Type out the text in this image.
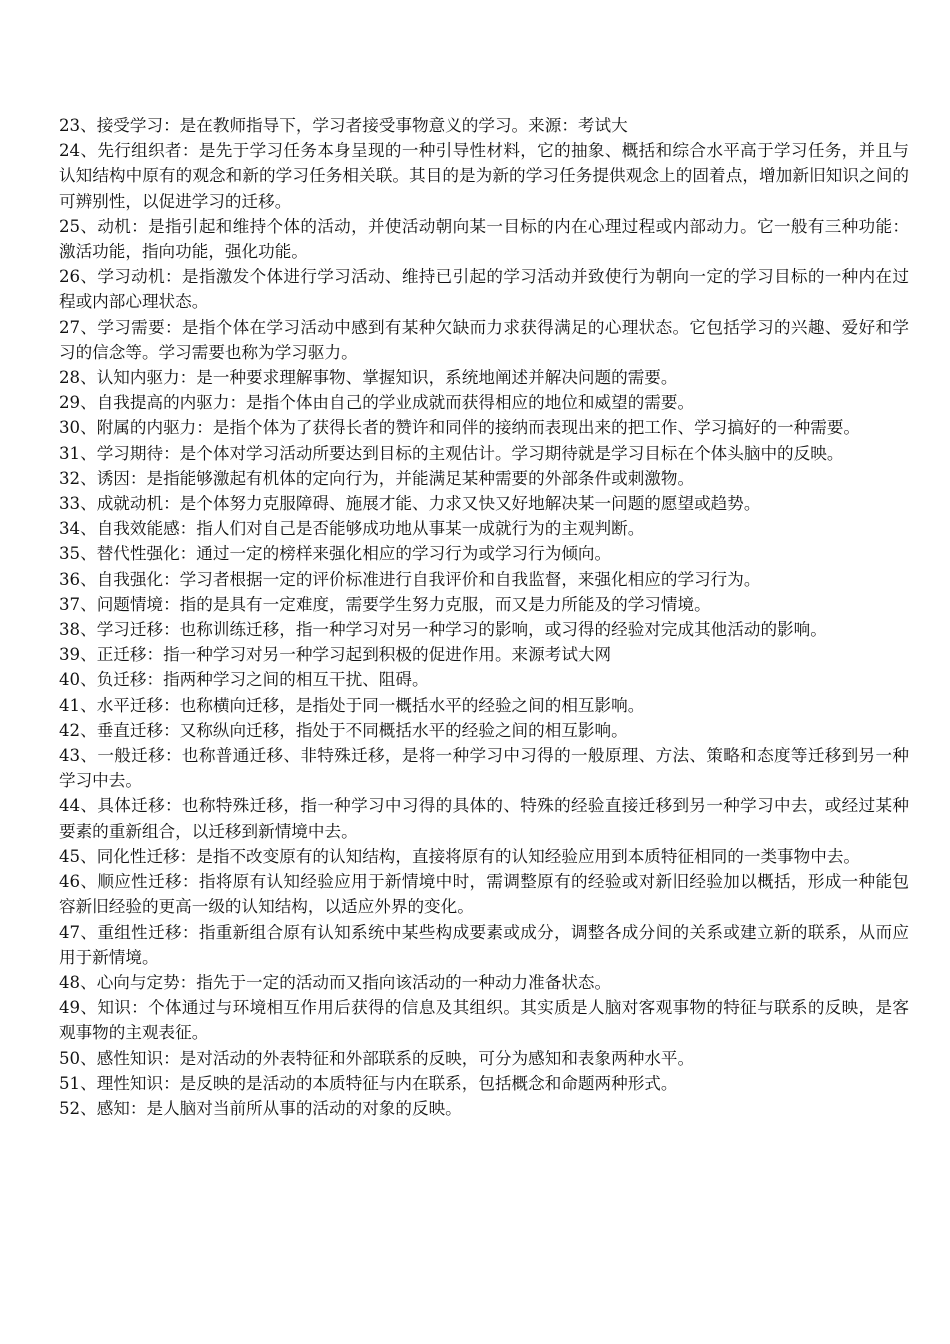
23、接受学习：是在教师指导下，学习者接受事物意义的学习。来源：考试大

24、先行组织者：是先于学习任务本身呈现的一种引导性材料，它的抽象、概括和综合水平高于学习任务，并且与认知结构中原有的观念和新的学习任务相关联。其目的是为新的学习任务提供观念上的固着点，增加新旧知识之间的可辨别性，以促进学习的迁移。

25、动机：是指引起和维持个体的活动，并使活动朝向某一目标的内在心理过程或内部动力。它一般有三种功能：激活功能，指向功能，强化功能。

26、学习动机：是指激发个体进行学习活动、维持已引起的学习活动并致使行为朝向一定的学习目标的一种内在过程或内部心理状态。

27、学习需要：是指个体在学习活动中感到有某种欠缺而力求获得满足的心理状态。它包括学习的兴趣、爱好和学习的信念等。学习需要也称为学习驱力。

28、认知内驱力：是一种要求理解事物、掌握知识，系统地阐述并解决问题的需要。

29、自我提高的内驱力：是指个体由自己的学业成就而获得相应的地位和威望的需要。

30、附属的内驱力：是指个体为了获得长者的赞许和同伴的接纳而表现出来的把工作、学习搞好的一种需要。

31、学习期待：是个体对学习活动所要达到目标的主观估计。学习期待就是学习目标在个体头脑中的反映。

32、诱因：是指能够激起有机体的定向行为，并能满足某种需要的外部条件或刺激物。

33、成就动机：是个体努力克服障碍、施展才能、力求又快又好地解决某一问题的愿望或趋势。

34、自我效能感：指人们对自己是否能够成功地从事某一成就行为的主观判断。

35、替代性强化：通过一定的榜样来强化相应的学习行为或学习行为倾向。

36、自我强化：学习者根据一定的评价标准进行自我评价和自我监督，来强化相应的学习行为。

37、问题情境：指的是具有一定难度，需要学生努力克服，而又是力所能及的学习情境。

38、学习迁移：也称训练迁移，指一种学习对另一种学习的影响，或习得的经验对完成其他活动的影响。

39、正迁移：指一种学习对另一种学习起到积极的促进作用。来源考试大网

40、负迁移：指两种学习之间的相互干扰、阻碍。

41、水平迁移：也称横向迁移，是指处于同一概括水平的经验之间的相互影响。

42、垂直迁移：又称纵向迁移，指处于不同概括水平的经验之间的相互影响。

43、一般迁移：也称普通迁移、非特殊迁移，是将一种学习中习得的一般原理、方法、策略和态度等迁移到另一种学习中去。

44、具体迁移：也称特殊迁移，指一种学习中习得的具体的、特殊的经验直接迁移到另一种学习中去，或经过某种要素的重新组合，以迁移到新情境中去。

45、同化性迁移：是指不改变原有的认知结构，直接将原有的认知经验应用到本质特征相同的一类事物中去。

46、顺应性迁移：指将原有认知经验应用于新情境中时，需调整原有的经验或对新旧经验加以概括，形成一种能包容新旧经验的更高一级的认知结构，以适应外界的变化。

47、重组性迁移：指重新组合原有认知系统中某些构成要素或成分，调整各成分间的关系或建立新的联系，从而应用于新情境。

48、心向与定势：指先于一定的活动而又指向该活动的一种动力准备状态。

49、知识：个体通过与环境相互作用后获得的信息及其组织。其实质是人脑对客观事物的特征与联系的反映，是客观事物的主观表征。

50、感性知识：是对活动的外表特征和外部联系的反映，可分为感知和表象两种水平。

51、理性知识：是反映的是活动的本质特征与内在联系，包括概念和命题两种形式。

52、感知：是人脑对当前所从事的活动的对象的反映。
